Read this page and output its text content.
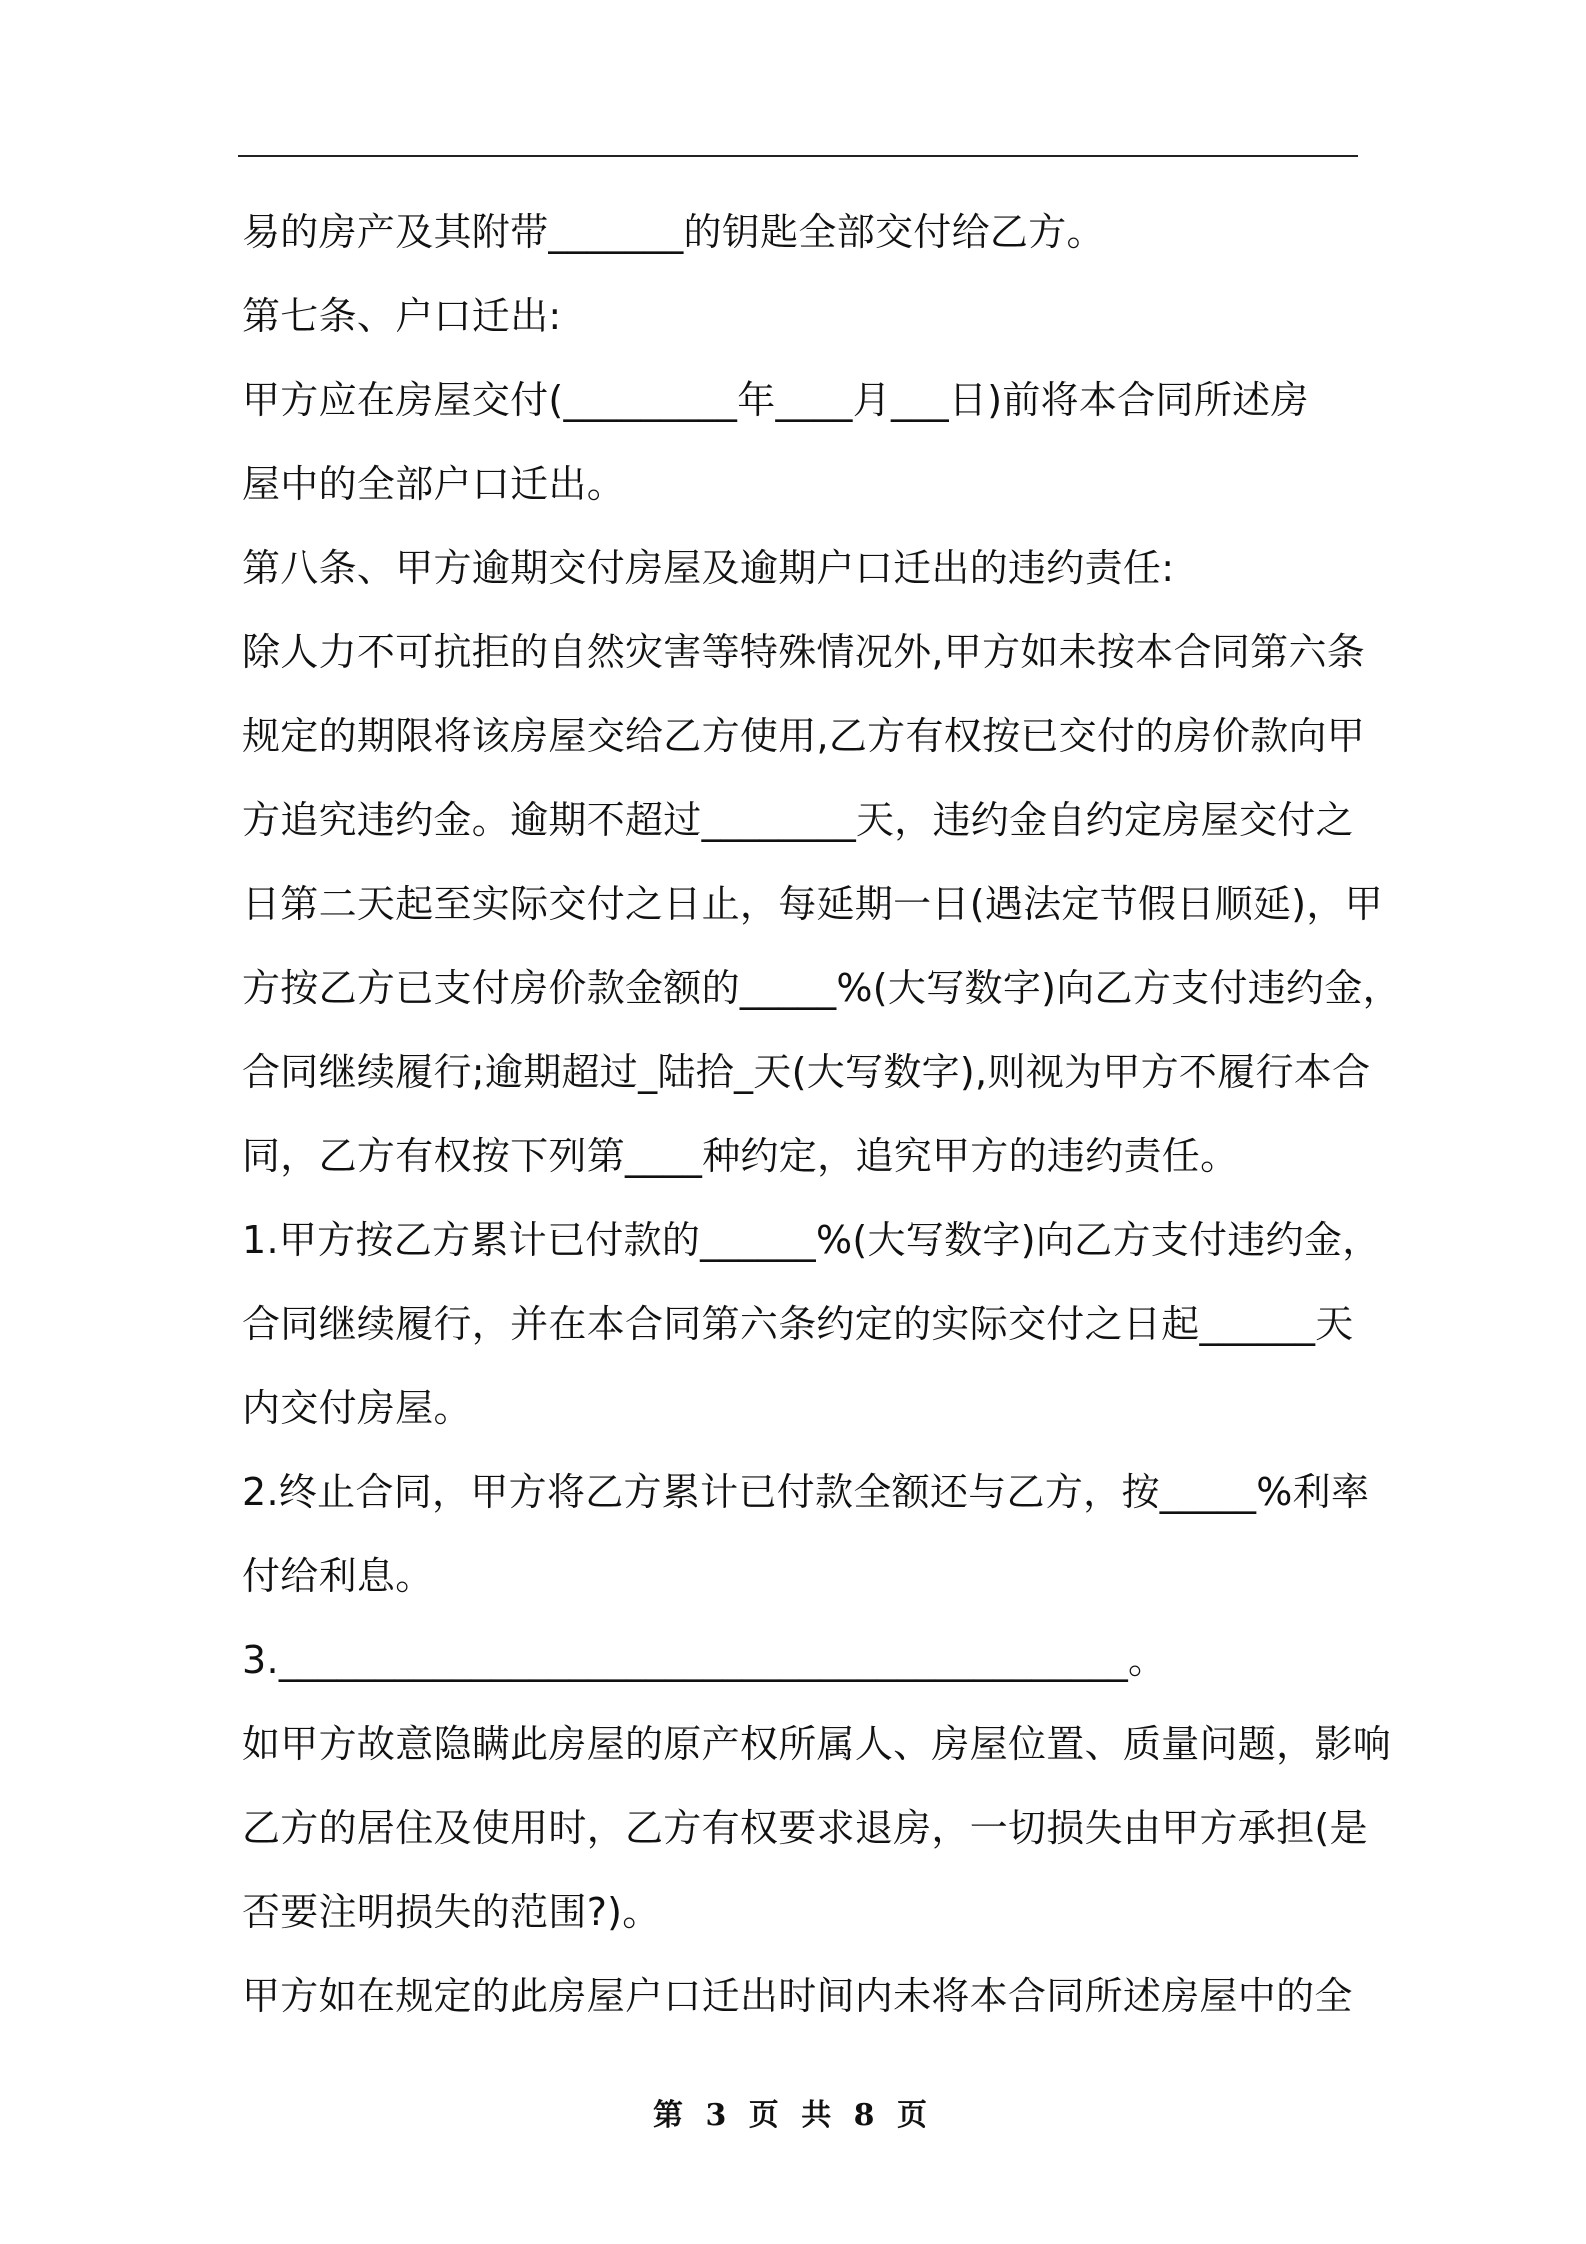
易的房产及其附带_______的钥匙全部交付给乙方。
第七条、户口迁出:
甲方应在房屋交付(_________年____月___日)前将本合同所述房
屋中的全部户口迁出。
第八条、甲方逾期交付房屋及逾期户口迁出的违约责任:
除人力不可抗拒的自然灾害等特殊情况外,甲方如未按本合同第六条
规定的期限将该房屋交给乙方使用,乙方有权按已交付的房价款向甲
方追究违约金。逾期不超过________天，违约金自约定房屋交付之
日第二天起至实际交付之日止，每延期一日(遇法定节假日顺延)，甲
方按乙方已支付房价款金额的_____%(大写数字)向乙方支付违约金，
合同继续履行;逾期超过_陆拾_天(大写数字),则视为甲方不履行本合
同，乙方有权按下列第____种约定，追究甲方的违约责任。
1.甲方按乙方累计已付款的______%(大写数字)向乙方支付违约金，
合同继续履行，并在本合同第六条约定的实际交付之日起______天
内交付房屋。
2.终止合同，甲方将乙方累计已付款全额还与乙方，按_____%利率
付给利息。
3.____________________________________________。
如甲方故意隐瞒此房屋的原产权所属人、房屋位置、质量问题，影响
乙方的居住及使用时，乙方有权要求退房，一切损失由甲方承担(是
否要注明损失的范围?)。
甲方如在规定的此房屋户口迁出时间内未将本合同所述房屋中的全
第 3 页 共 8 页
